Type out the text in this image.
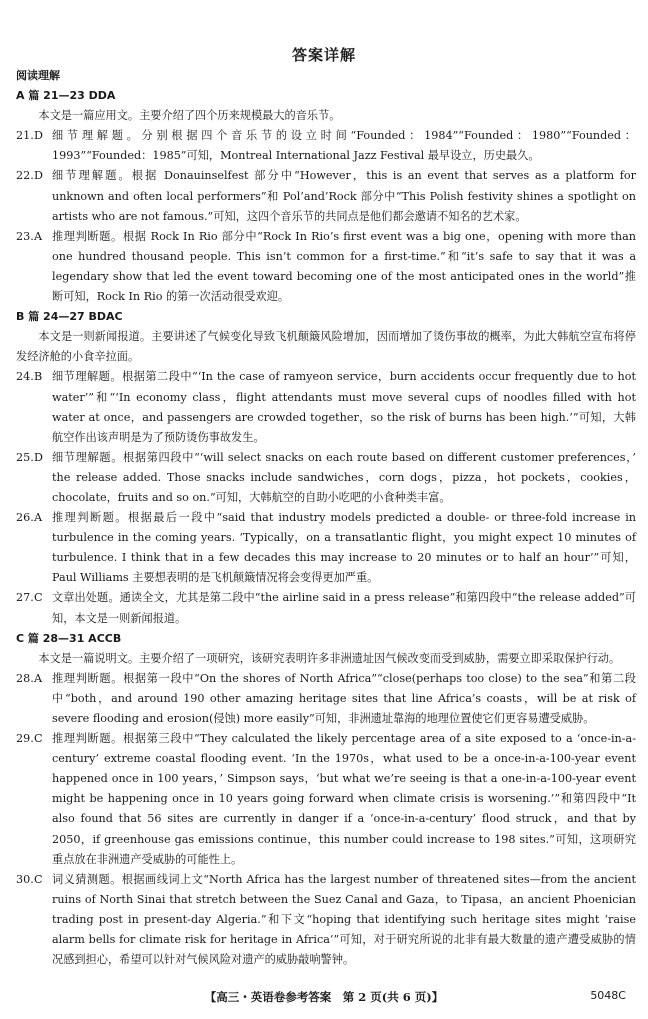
答案详解
阅读理解
A 篇 21—23 DDA
本文是一篇应用文。主要介绍了四个历来规模最大的音乐节。
21. D 细节理解题。分别根据四个音乐节的设立时间“Founded：1984”“Founded：1980”“Founded：1993”“Founded：1985”可知，Montreal International Jazz Festival 最早设立，历史最久。
22. D 细节理解题。根据 Donauinselfest 部分中“However，this is an event that serves as a platform for unknown and often local performers”和 Pol’and’Rock 部分中“This Polish festivity shines a spotlight on artists who are not famous.”可知，这四个音乐节的共同点是他们都会邀请不知名的艺术家。
23. A 推理判断题。根据 Rock In Rio 部分中“Rock In Rio’s first event was a big one，opening with more than one hundred thousand people. This isn’t common for a first-time.”和“it’s safe to say that it was a legendary show that led the event toward becoming one of the most anticipated ones in the world”推断可知，Rock In Rio 的第一次活动很受欢迎。
B 篇 24—27 BDAC
本文是一则新闻报道。主要讲述了气候变化导致飞机颠簸风险增加，因而增加了烫伤事故的概率，为此大韩航空宣布将停发经济舱的小食辛拉面。
24. B 细节理解题。根据第二段中“‘In the case of ramyeon service，burn accidents occur frequently due to hot water’”和“‘In economy class，flight attendants must move several cups of noodles filled with hot water at once，and passengers are crowded together，so the risk of burns has been high.’”可知，大韩航空作出该声明是为了预防烫伤事故发生。
25. D 细节理解题。根据第四段中“‘will select snacks on each route based on different customer preferences，’ the release added. Those snacks include sandwiches，corn dogs，pizza，hot pockets，cookies，chocolate，fruits and so on.”可知，大韩航空的自助小吃吧的小食种类丰富。
26. A 推理判断题。根据最后一段中“said that industry models predicted a double- or three-fold increase in turbulence in the coming years. ‘Typically，on a transatlantic flight，you might expect 10 minutes of turbulence. I think that in a few decades this may increase to 20 minutes or to half an hour’”可知，Paul Williams 主要想表明的是飞机颠簸情况将会变得更加严重。
27. C 文章出处题。通读全文，尤其是第二段中“the airline said in a press release”和第四段中“the release added”可知，本文是一则新闻报道。
C 篇 28—31 ACCB
本文是一篇说明文。主要介绍了一项研究，该研究表明许多非洲遗址因气候改变而受到威胁，需要立即采取保护行动。
28. A 推理判断题。根据第一段中“On the shores of North Africa”“close(perhaps too close) to the sea”和第二段中“both，and around 190 other amazing heritage sites that line Africa’s coasts，will be at risk of severe flooding and erosion(侵蚀) more easily”可知，非洲遗址靠海的地理位置使它们更容易遭受威胁。
29. C 推理判断题。根据第三段中“They calculated the likely percentage area of a site exposed to a ‘once-in-a-century’ extreme coastal flooding event. ‘In the 1970s，what used to be a once-in-a-100-year event happened once in 100 years，’ Simpson says，‘but what we’re seeing is that a one-in-a-100-year event might be happening once in 10 years going forward when climate crisis is worsening.’”和第四段中“It also found that 56 sites are currently in danger if a ‘once-in-a-century’ flood struck，and that by 2050，if greenhouse gas emissions continue，this number could increase to 198 sites.”可知，这项研究重点放在非洲遗产受威胁的可能性上。
30. C 词义猜测题。根据画线词上文“North Africa has the largest number of threatened sites—from the ancient ruins of North Sinai that stretch between the Suez Canal and Gaza，to Tipasa，an ancient Phoenician trading post in present-day Algeria.”和下文“hoping that identifying such heritage sites might ‘raise alarm bells for climate risk for heritage in Africa’”可知，对于研究所说的北非有最大数量的遗产遭受威胁的情况感到担心，希望可以针对气候风险对遗产的威胁敲响警钟。
【高三・英语卷参考答案　第 2 页(共 6 页)】	5048C
